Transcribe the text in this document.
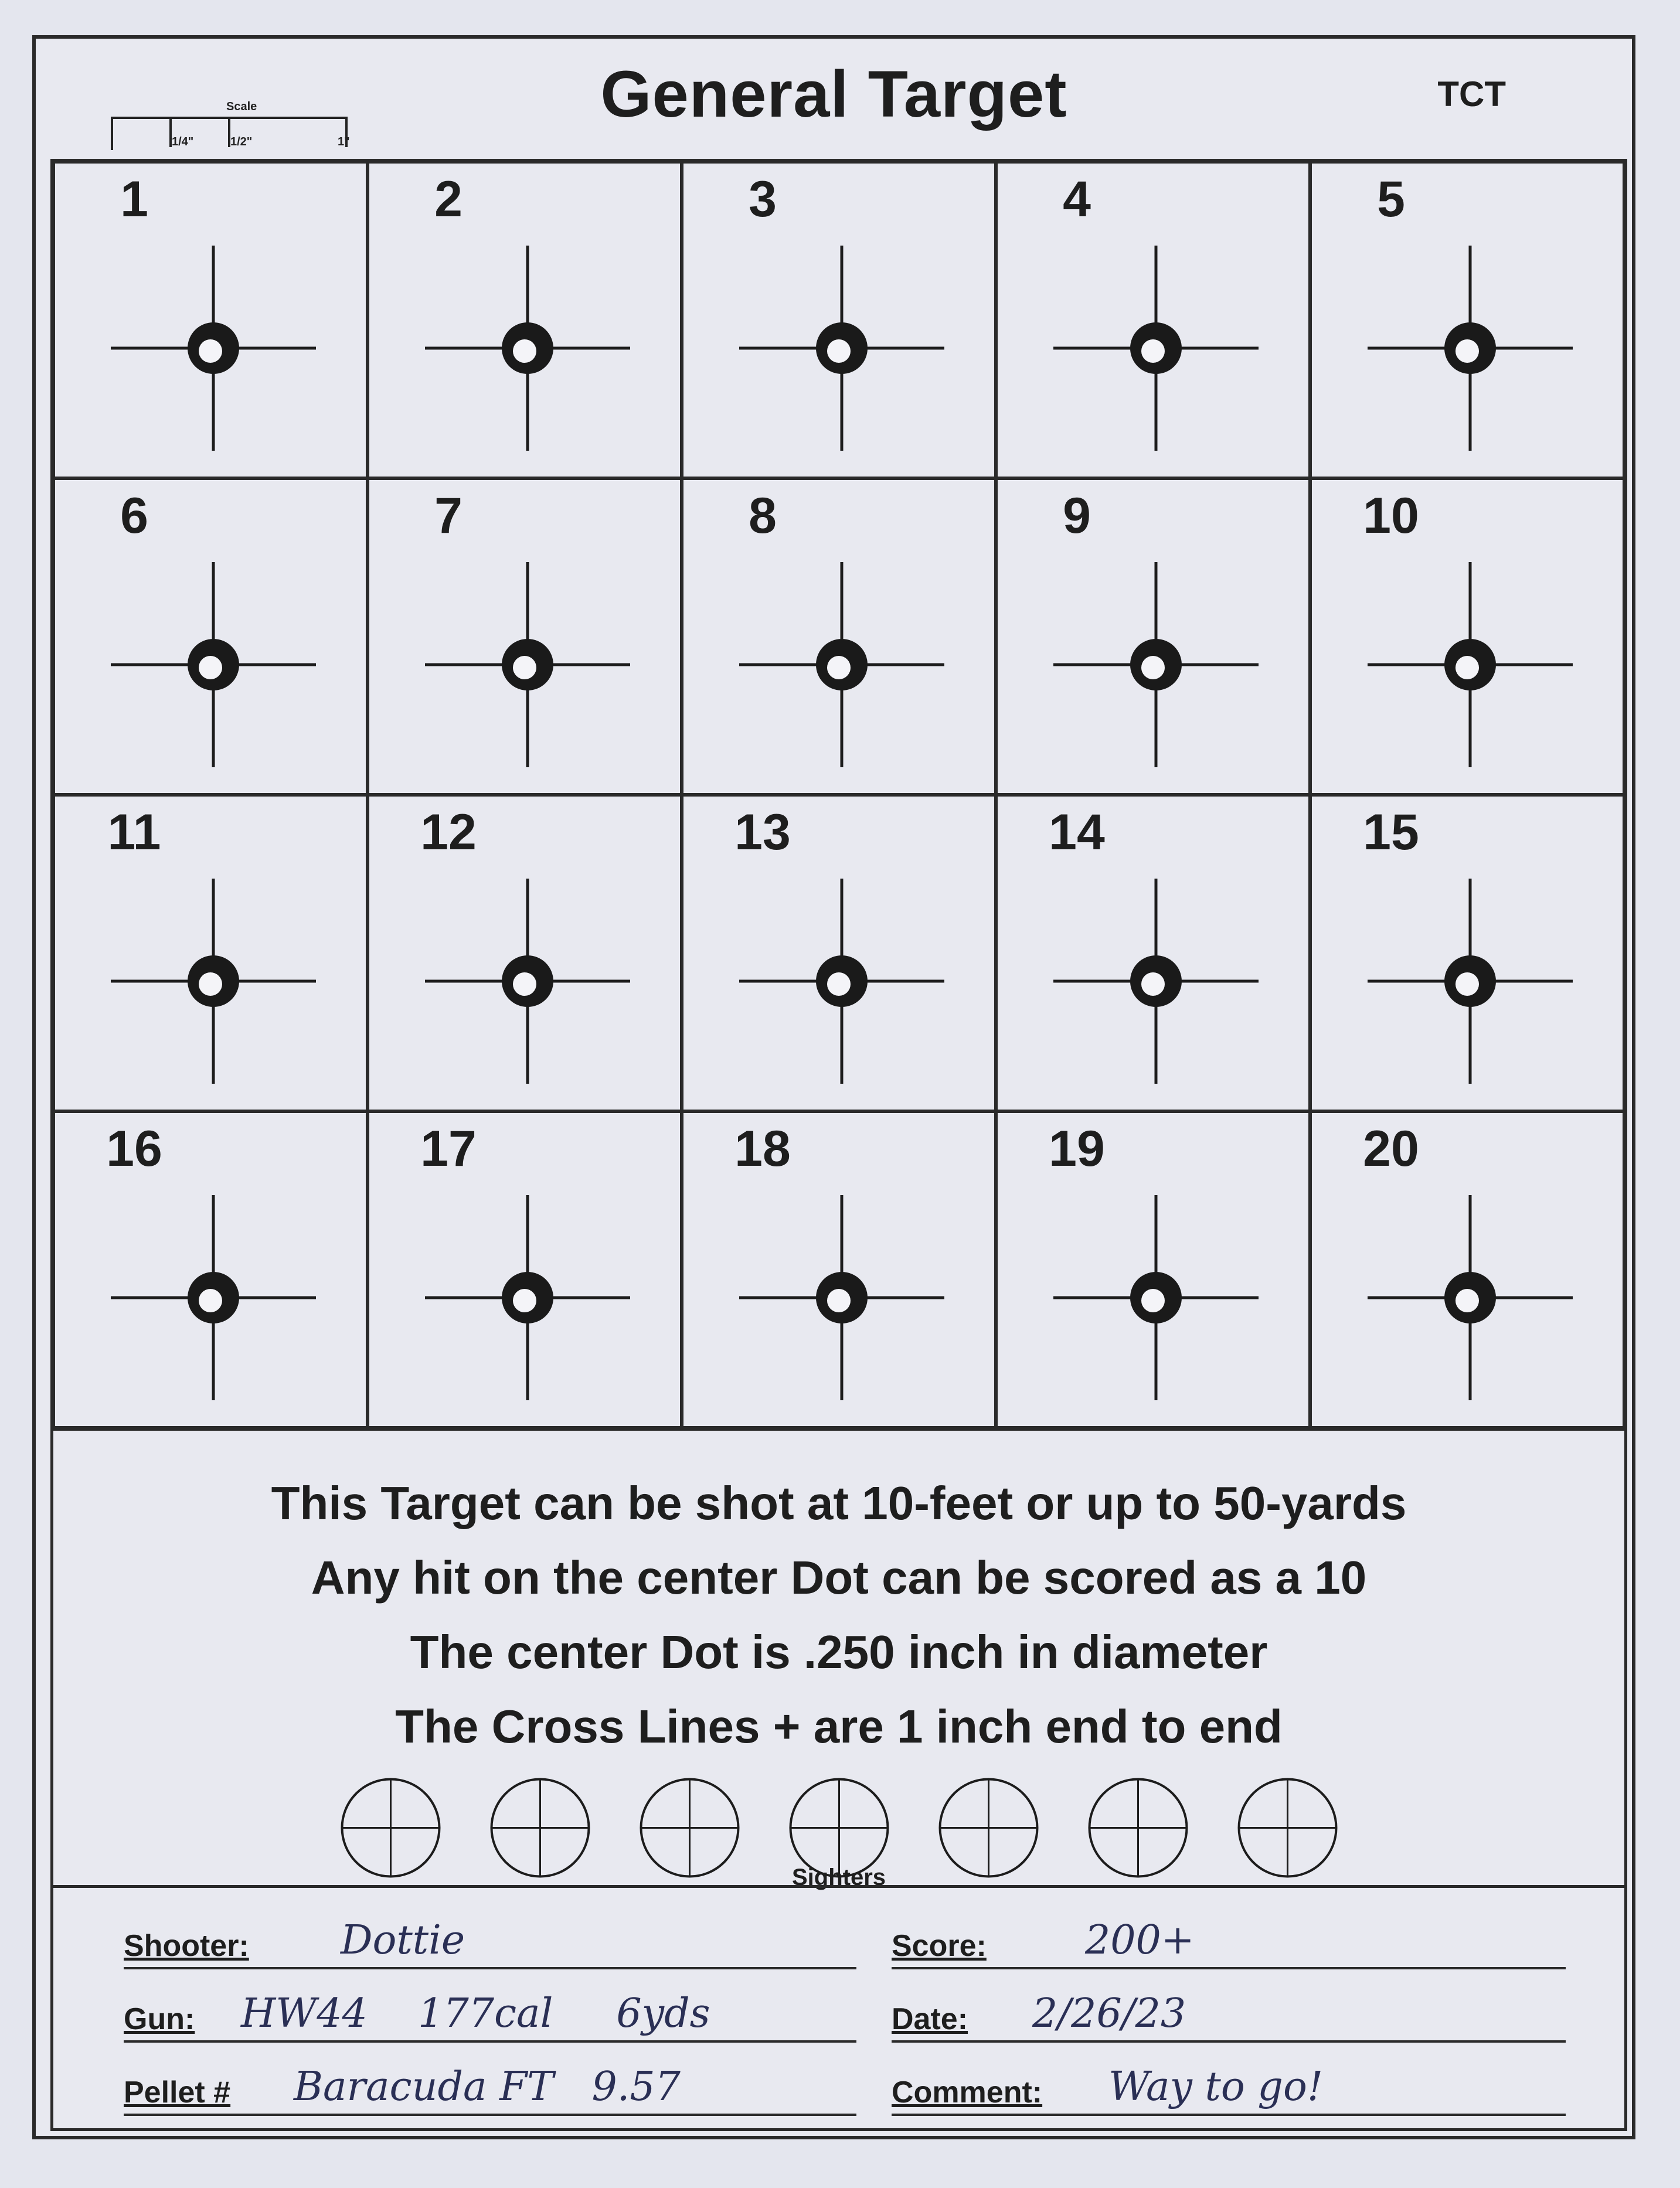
Scale
1/4"	1/2"	1"
General Target	TCT
1	2	3	4	5
6	7	8	9	10
11	12	13	14	15
16	17	18	19	20
This Target can be shot at 10-feet or up to 50-yards
Any hit on the center Dot can be scored as a 10
The center Dot is .250 inch in diameter
The Cross Lines + are 1 inch end to end
Sighters
Shooter: Dottie
Gun: HW44    177cal     6yds
Pellet # Baracuda FT   9.57
Score: 200+
Date: 2/26/23
Comment: Way to go!
